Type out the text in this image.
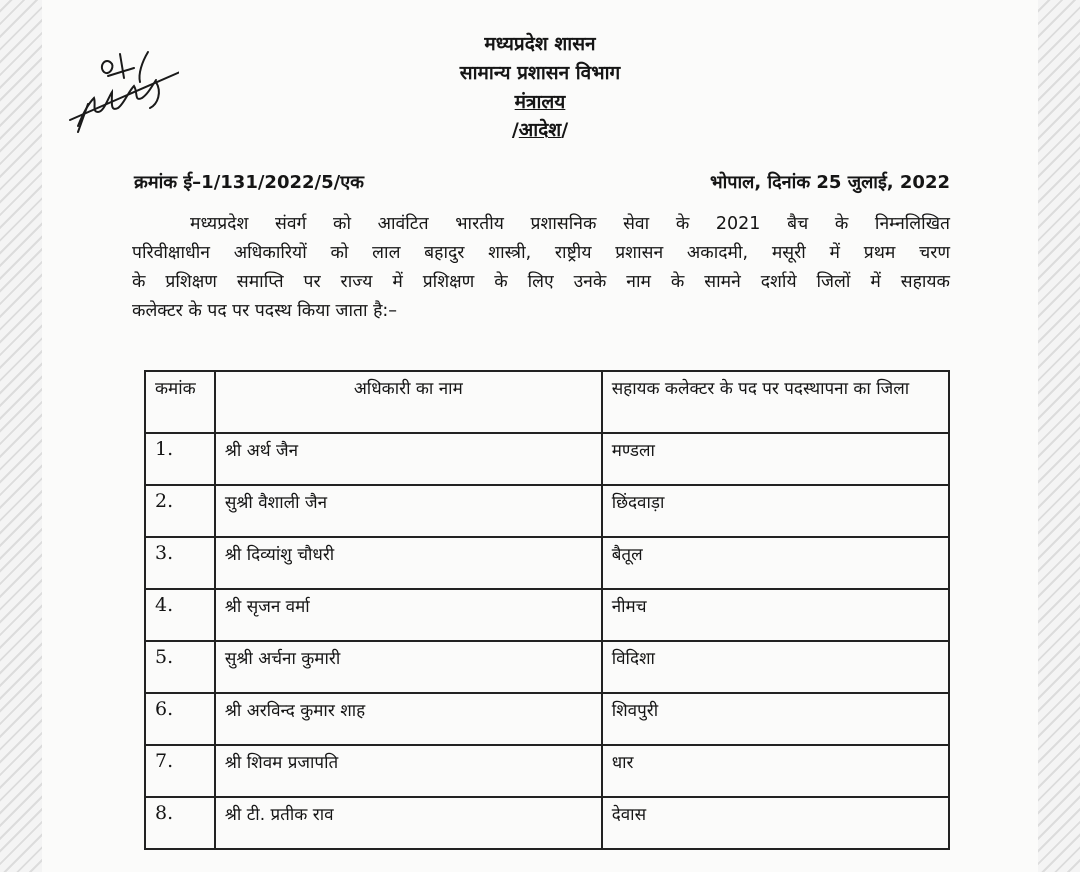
मध्यप्रदेश शासन
सामान्य प्रशासन विभाग
मंत्रालय
/आदेश/
क्रमांक ई–1/131/2022/5/एक	भोपाल, दिनांक 25 जुलाई, 2022
मध्यप्रदेश संवर्ग को आवंटित भारतीय प्रशासनिक सेवा के 2021 बैच के निम्नलिखित
परिवीक्षाधीन अधिकारियों को लाल बहादुर शास्त्री, राष्ट्रीय प्रशासन अकादमी, मसूरी में प्रथम चरण
के प्रशिक्षण समाप्ति पर राज्य में प्रशिक्षण के लिए उनके नाम के सामने दर्शाये जिलों में सहायक
कलेक्टर के पद पर पदस्थ किया जाता है:–
कमांक	अधिकारी का नाम	सहायक कलेक्टर के पद पर पदस्थापना का जिला
1.	श्री अर्थ जैन	मण्डला
2.	सुश्री वैशाली जैन	छिंदवाड़ा
3.	श्री दिव्यांशु चौधरी	बैतूल
4.	श्री सृजन वर्मा	नीमच
5.	सुश्री अर्चना कुमारी	विदिशा
6.	श्री अरविन्द कुमार शाह	शिवपुरी
7.	श्री शिवम प्रजापति	धार
8.	श्री टी. प्रतीक राव	देवास
